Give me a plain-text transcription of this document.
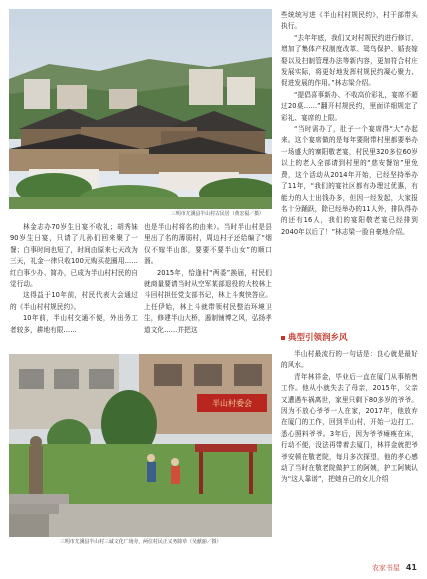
三明市尤溪县半山村古民居（黄宏福／摄）

林金志办70岁生日宴不收礼；胡秀妹90岁生日宴，只请了儿孙们回来聚了一餐；白事时间也短了，时间由原来七天改为三天，礼金一律只收100元购买花圈用……红白事少办、简办，已成为半山村村民的自觉行动。

这得益于10年前，村民代表大会通过的《半山村村规民约》。

10年前，半山村交通不便，外出务工者较多，耕地有限……

也是半山村将名的由来）。当时半山村是县里出了名的薄弱村，周边村子还给编了“烟仅不嫁半山郎，要要不要半山女”的顺口溜。

2015年，恰逢村“两委”换届，村民们就商量要请当时从空军某部退役的大校林上斗回村担任党支部书记，林上斗爽快答应。上任伊始，林上斗就带领村民整治环境卫生，修建半山大桥，遏制铺博之风，弘扬孝道文化……并把这

半山村委会
三明市尤溪县半山村三诚文化广场旁，两位村民正义务除草（吴献丽／摄）

些统统写进《半山村村规民约》，村干部带头执行。

“去年年底，我们又对村规民约进行修订，增加了集体产权制度改革、鸳鸟保护、婚丧嫁娶以及扫制管理办法等新内容，更加符合村庄发展实际，将更好地发挥村规民约凝心聚力、促进发展的作用。”林志梁介绍。

“提倡喜事新办、不收高价彩礼，宴席不超过20桌……”翻开村规民约，里面详细规定了彩礼、宴席的上限。

“当时需办了，肚子一个宴席得“大”办起来。这个宴席做的是每年要附带村里都要举办一场盛大的寨阳敬老宴，村民里320多位60岁以上的老人全部请到村里的“慈安餐馆”里免费，这个活动从2014年开始，已经坚持举办了11年，“我们的宴社区都有办理过优惠，有能力的人士出钱办多，但因一经发起，大家报名十分踊跃，除已经举办的11人外，排队得办的还有16人，我们的宴阳敬老宴已经排到2040年以后了！”林志梁一脸自豪地介绍。

典型引领润乡风

半山村最流行的一句话是：良心就是最好的风水。

青年林祥金，毕业后一直在厦门从事销售工作。他从小就失去了母亲，2015年，父亲又遭遇车祸离世，家里只剩下80多岁的爷爷。因为不放心爷爷一人在家，2017年，他放弃在厦门的工作，回到半山村，开始一边打工、悉心照料爷爷。3年后，因为爷爷瘫痪在床，行动不便，没法再带着去厦门，林祥金就把爷爷安顿在敬老院，每月多次探望，他的孝心感动了当时在敬老院做护工的阿姨，护工阿姨认为“这人靠谱”，把她自己的女儿介绍

农家书屋 41
